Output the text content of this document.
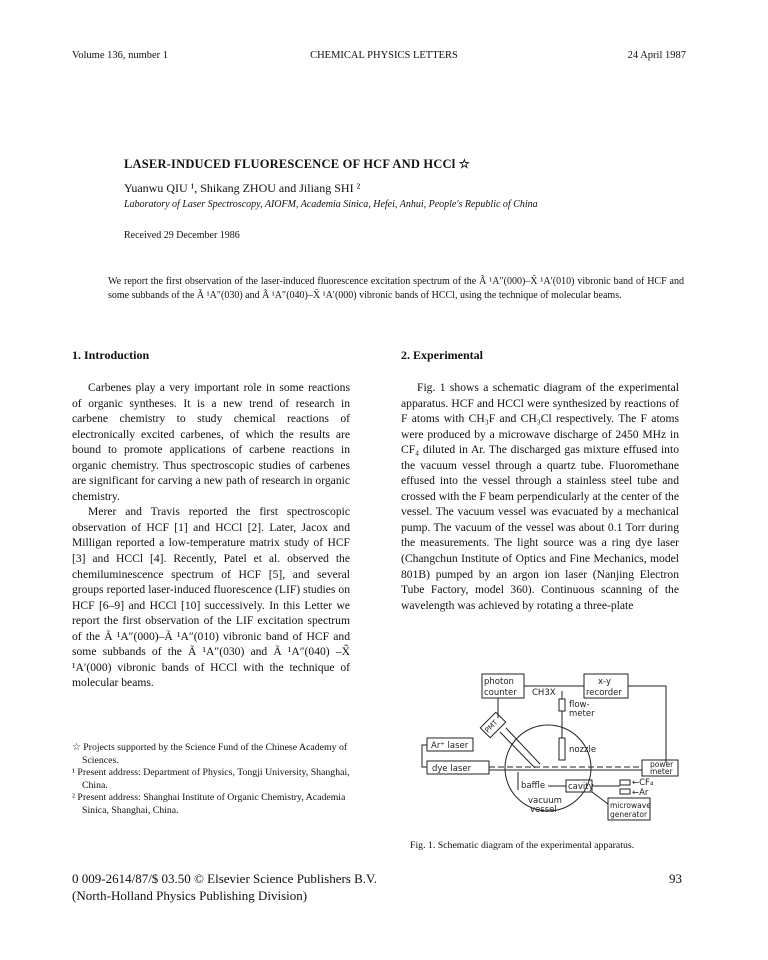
Volume 136, number 1	CHEMICAL PHYSICS LETTERS	24 April 1987
LASER-INDUCED FLUORESCENCE OF HCF AND HCCl ☆
Yuanwu QIU ¹, Shikang ZHOU and Jiliang SHI ²
Laboratory of Laser Spectroscopy, AIOFM, Academia Sinica, Hefei, Anhui, People's Republic of China
Received 29 December 1986
We report the first observation of the laser-induced fluorescence excitation spectrum of the Ã ¹A″(000)–X̃ ¹A′(010) vibronic band of HCF and some subbands of the Ã ¹A″(030) and Ã ¹A″(040)–X̃ ¹A′(000) vibronic bands of HCCl, using the technique of molecular beams.
1. Introduction

Carbenes play a very important role in some reactions of organic syntheses. It is a new trend of research in carbene chemistry to study chemical reactions of electronically excited carbenes, of which the results are bound to promote applications of carbene reactions in organic chemistry. Thus spectroscopic studies of carbenes are significant for carving a new path of research in organic chemistry.

Merer and Travis reported the first spectroscopic observation of HCF [1] and HCCl [2]. Later, Jacox and Milligan reported a low-temperature matrix study of HCF [3] and HCCl [4]. Recently, Patel et al. observed the chemiluminescence spectrum of HCF [5], and several groups reported laser-induced fluorescence (LIF) studies on HCF [6–9] and HCCl [10] successively. In this Letter we report the first observation of the LIF excitation spectrum of the Ã ¹A″(000)–Ã ¹A″(010) vibronic band of HCF and some subbands of the Ã ¹A″(030) and Ã ¹A″(040) –X̃ ¹A′(000) vibronic bands of HCCl with the technique of molecular beams.

☆ Projects supported by the Science Fund of the Chinese Academy of Sciences.
¹ Present address: Department of Physics, Tongji University, Shanghai, China.
² Present address: Shanghai Institute of Organic Chemistry, Academia Sinica, Shanghai, China.
2. Experimental

Fig. 1 shows a schematic diagram of the experimental apparatus. HCF and HCCl were synthesized by reactions of F atoms with CH₃F and CH₃Cl respectively. The F atoms were produced by a microwave discharge of 2450 MHz in CF₄ diluted in Ar. The discharged gas mixture effused into the vacuum vessel through a quartz tube. Fluoromethane effused into the vessel through a stainless steel tube and crossed with the F beam perpendicularly at the center of the vessel. The vacuum vessel was evacuated by a mechanical pump. The vacuum of the vessel was about 0.1 Torr during the measurements. The light source was a ring dye laser (Changchun Institute of Optics and Fine Mechanics, model 801B) pumped by an argon ion laser (Nanjing Electron Tube Factory, model 360). Continuous scanning of the wavelength was achieved by rotating a three-plate

photon
counter
x-y
recorder
CH3X
flow-
meter
PMT
Ar⁺ laser
dye laser
nozzle
baffle	cavity
vacuum
vessel
power
meter
←CF₄
←Ar
microwave
generator
Fig. 1. Schematic diagram of the experimental apparatus.
0 009-2614/87/$ 03.50 © Elsevier Science Publishers B.V.
(North-Holland Physics Publishing Division)
93
